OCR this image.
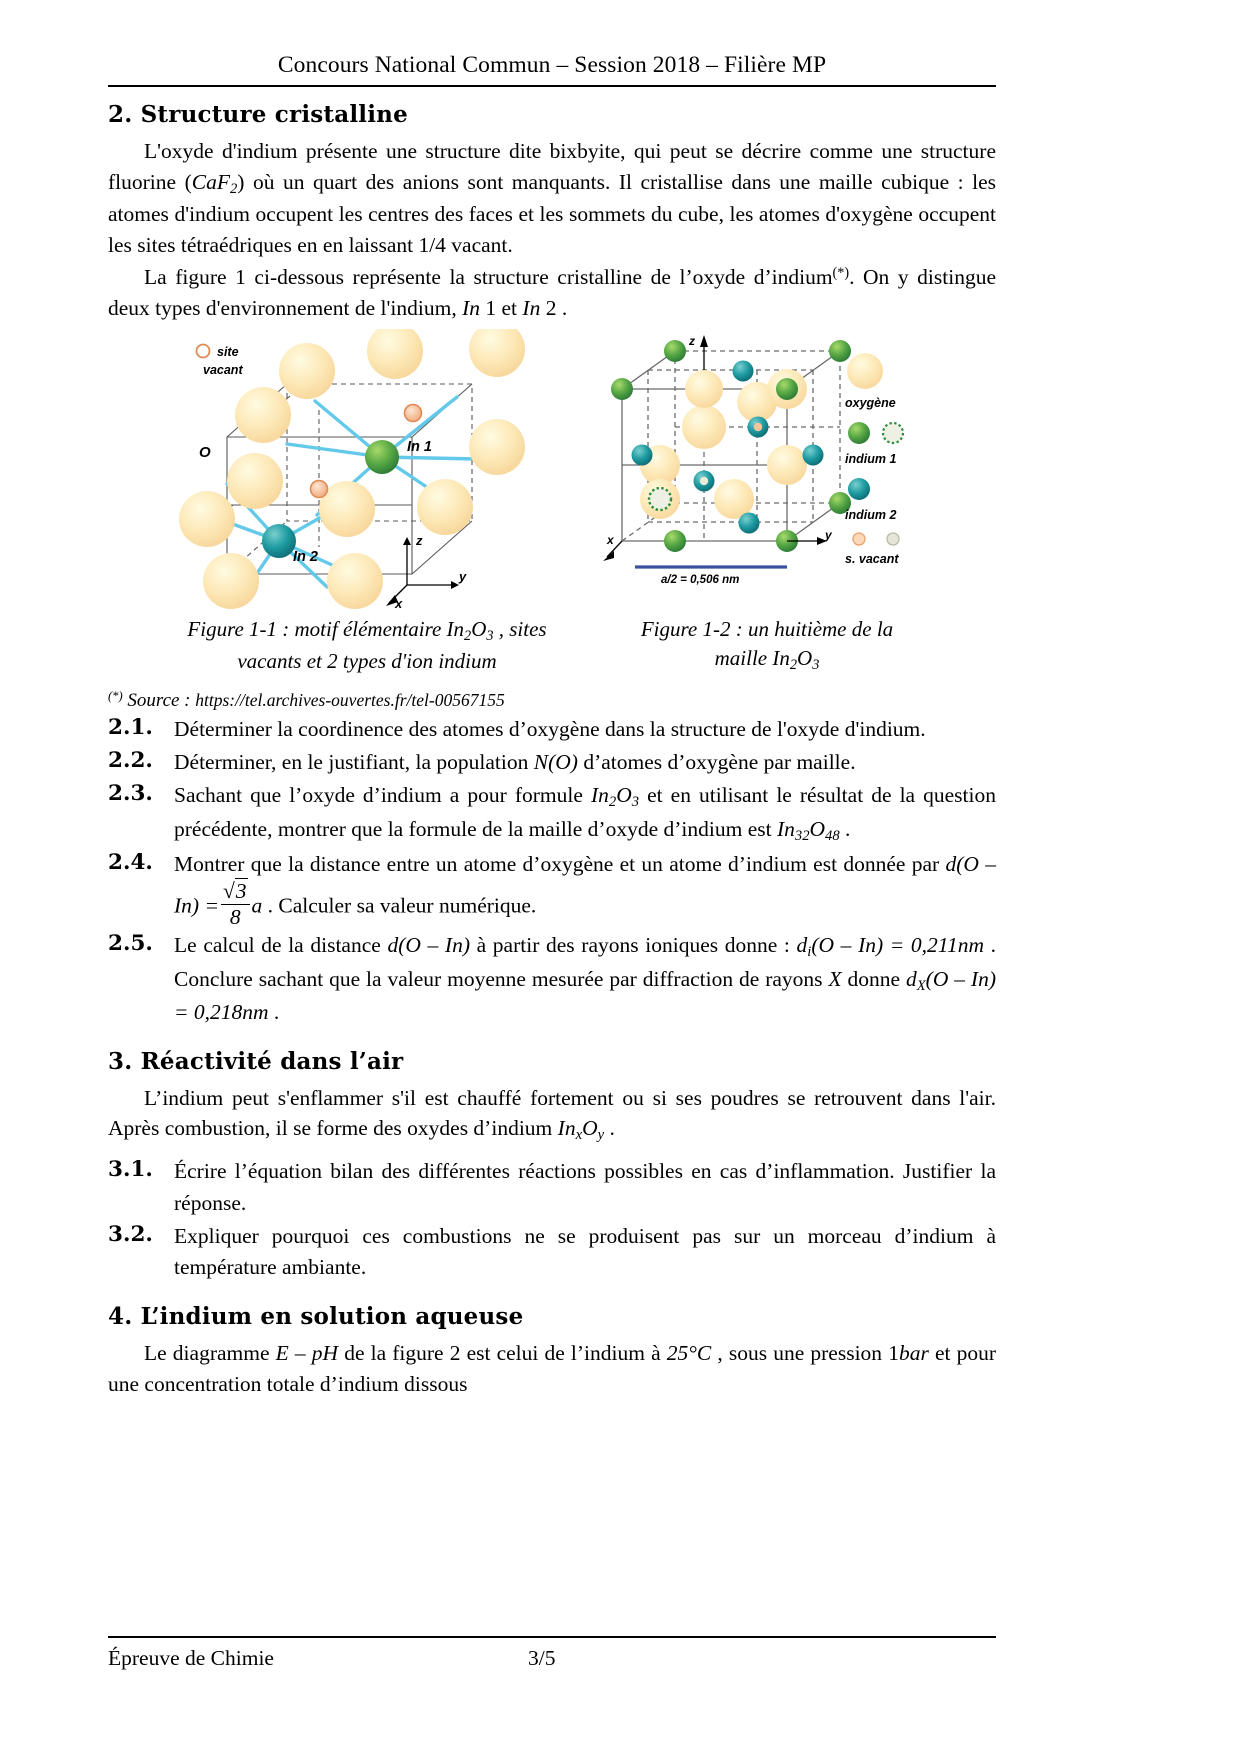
Concours National Commun – Session 2018 – Filière MP
2. Structure cristalline

L'oxyde d'indium présente une structure dite bixbyite, qui peut se décrire comme une structure fluorine (CaF$_2$) où un quart des anions sont manquants. Il cristallise dans une maille cubique : les atomes d'indium occupent les centres des faces et les sommets du cube, les atomes d'oxygène occupent les sites tétraédriques en en laissant 1/4 vacant.

La figure 1 ci-dessous représente la structure cristalline de l’oxyde d’indium(*). On y distingue deux types d'environnement de l'indium, In 1 et In 2 .

site
vacant
O	In 1
In 2
z
y
x
Figure 1-1 : motif élémentaire $In_2O_3$ , sites
vacants et 2 types d'ion indium
z
y
x
a/2 = 0,506 nm
oxygène
indium 1
indium 2
s. vacant
Figure 1-2 : un huitième de la
maille $In_2O_3$
(*) Source : https://tel.archives-ouvertes.fr/tel-00567155
2.1. Déterminer la coordinence des atomes d’oxygène dans la structure de l'oxyde d'indium.
2.2. Déterminer, en le justifiant, la population N(O) d’atomes d’oxygène par maille.
2.3. Sachant que l’oxyde d’indium a pour formule $In_2O_3$ et en utilisant le résultat de la question précédente, montrer que la formule de la maille d’oxyde d’indium est $In_{32}O_{48}$ .
2.4. Montrer que la distance entre un atome d’oxygène et un atome d’indium est donnée par $d(O - In) = \frac{√3}{8}$ a . Calculer sa valeur numérique.
2.5. Le calcul de la distance d(O – In) à partir des rayons ioniques donne : $d_i(O - In) = 0,211nm$ . Conclure sachant que la valeur moyenne mesurée par diffraction de rayons X donne $d_X(O - In) = 0,218nm$ .
3. Réactivité dans l’air

L’indium peut s'enflammer s'il est chauffé fortement ou si ses poudres se retrouvent dans l'air. Après combustion, il se forme des oxydes d’indium $In_xO_y$ .

3.1. Écrire l’équation bilan des différentes réactions possibles en cas d’inflammation. Justifier la réponse.
3.2. Expliquer pourquoi ces combustions ne se produisent pas sur un morceau d’indium à température ambiante.
4. L’indium en solution aqueuse

Le diagramme E – pH de la figure 2 est celui de l’indium à 25°C , sous une pression 1bar et pour une concentration totale d’indium dissous

Épreuve de Chimie	3/5
